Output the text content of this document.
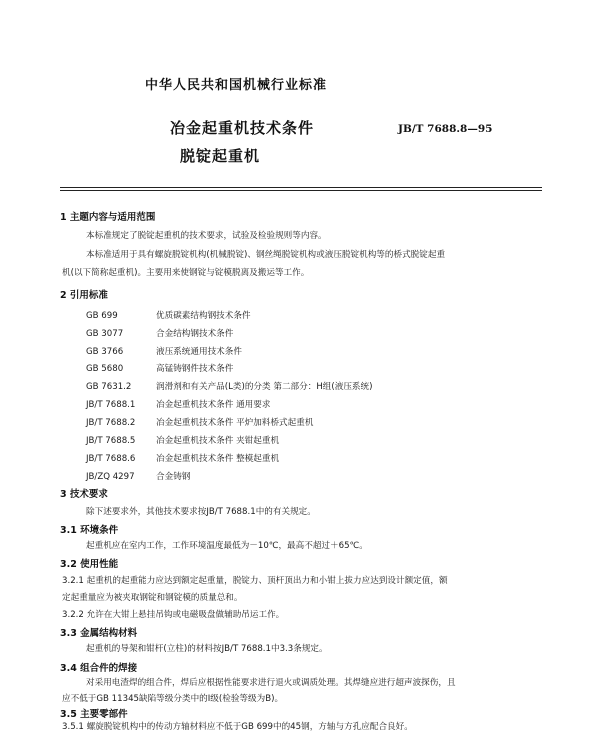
中华人民共和国机械行业标准
冶金起重机技术条件
脱锭起重机
JB/T 7688.8—95
1 主题内容与适用范围
本标准规定了脱锭起重机的技术要求，试验及检验规则等内容。
本标准适用于具有螺旋脱锭机构(机械脱锭)、钢丝绳脱锭机构或液压脱锭机构等的桥式脱锭起重
机(以下简称起重机)。主要用来使钢锭与锭模脱离及搬运等工作。
2 引用标准
GB 699	优质碳素结构钢技术条件
GB 3077	合金结构钢技术条件
GB 3766	液压系统通用技术条件
GB 5680	高锰铸钢件技术条件
GB 7631.2	润滑剂和有关产品(L类)的分类 第二部分：H组(液压系统)
JB/T 7688.1 冶金起重机技术条件 通用要求
JB/T 7688.2 冶金起重机技术条件 平炉加料桥式起重机
JB/T 7688.5 冶金起重机技术条件 夹钳起重机
JB/T 7688.6 冶金起重机技术条件 整模起重机
JB/ZQ 4297 合金铸钢
3 技术要求
除下述要求外，其他技术要求按JB/T 7688.1中的有关规定。
3.1 环境条件
起重机应在室内工作，工作环境温度最低为－10℃，最高不超过＋65℃。
3.2 使用性能
3.2.1 起重机的起重能力应达到额定起重量，脱锭力、顶杆顶出力和小钳上拔力应达到设计额定值，额
定起重量应为被夹取钢锭和钢锭模的质量总和。
3.2.2 允许在大钳上悬挂吊钩或电磁吸盘做辅助吊运工作。
3.3 金属结构材料
起重机的导架和钳杆(立柱)的材料按JB/T 7688.1中3.3条规定。
3.4 组合件的焊接
对采用电渣焊的组合件，焊后应根据性能要求进行退火或调质处理。其焊缝应进行超声波探伤，且
应不低于GB 11345缺陷等级分类中的Ⅰ级(检验等级为B)。
3.5 主要零部件
3.5.1 螺旋脱锭机构中的传动方轴材料应不低于GB 699中的45钢，方轴与方孔应配合良好。
